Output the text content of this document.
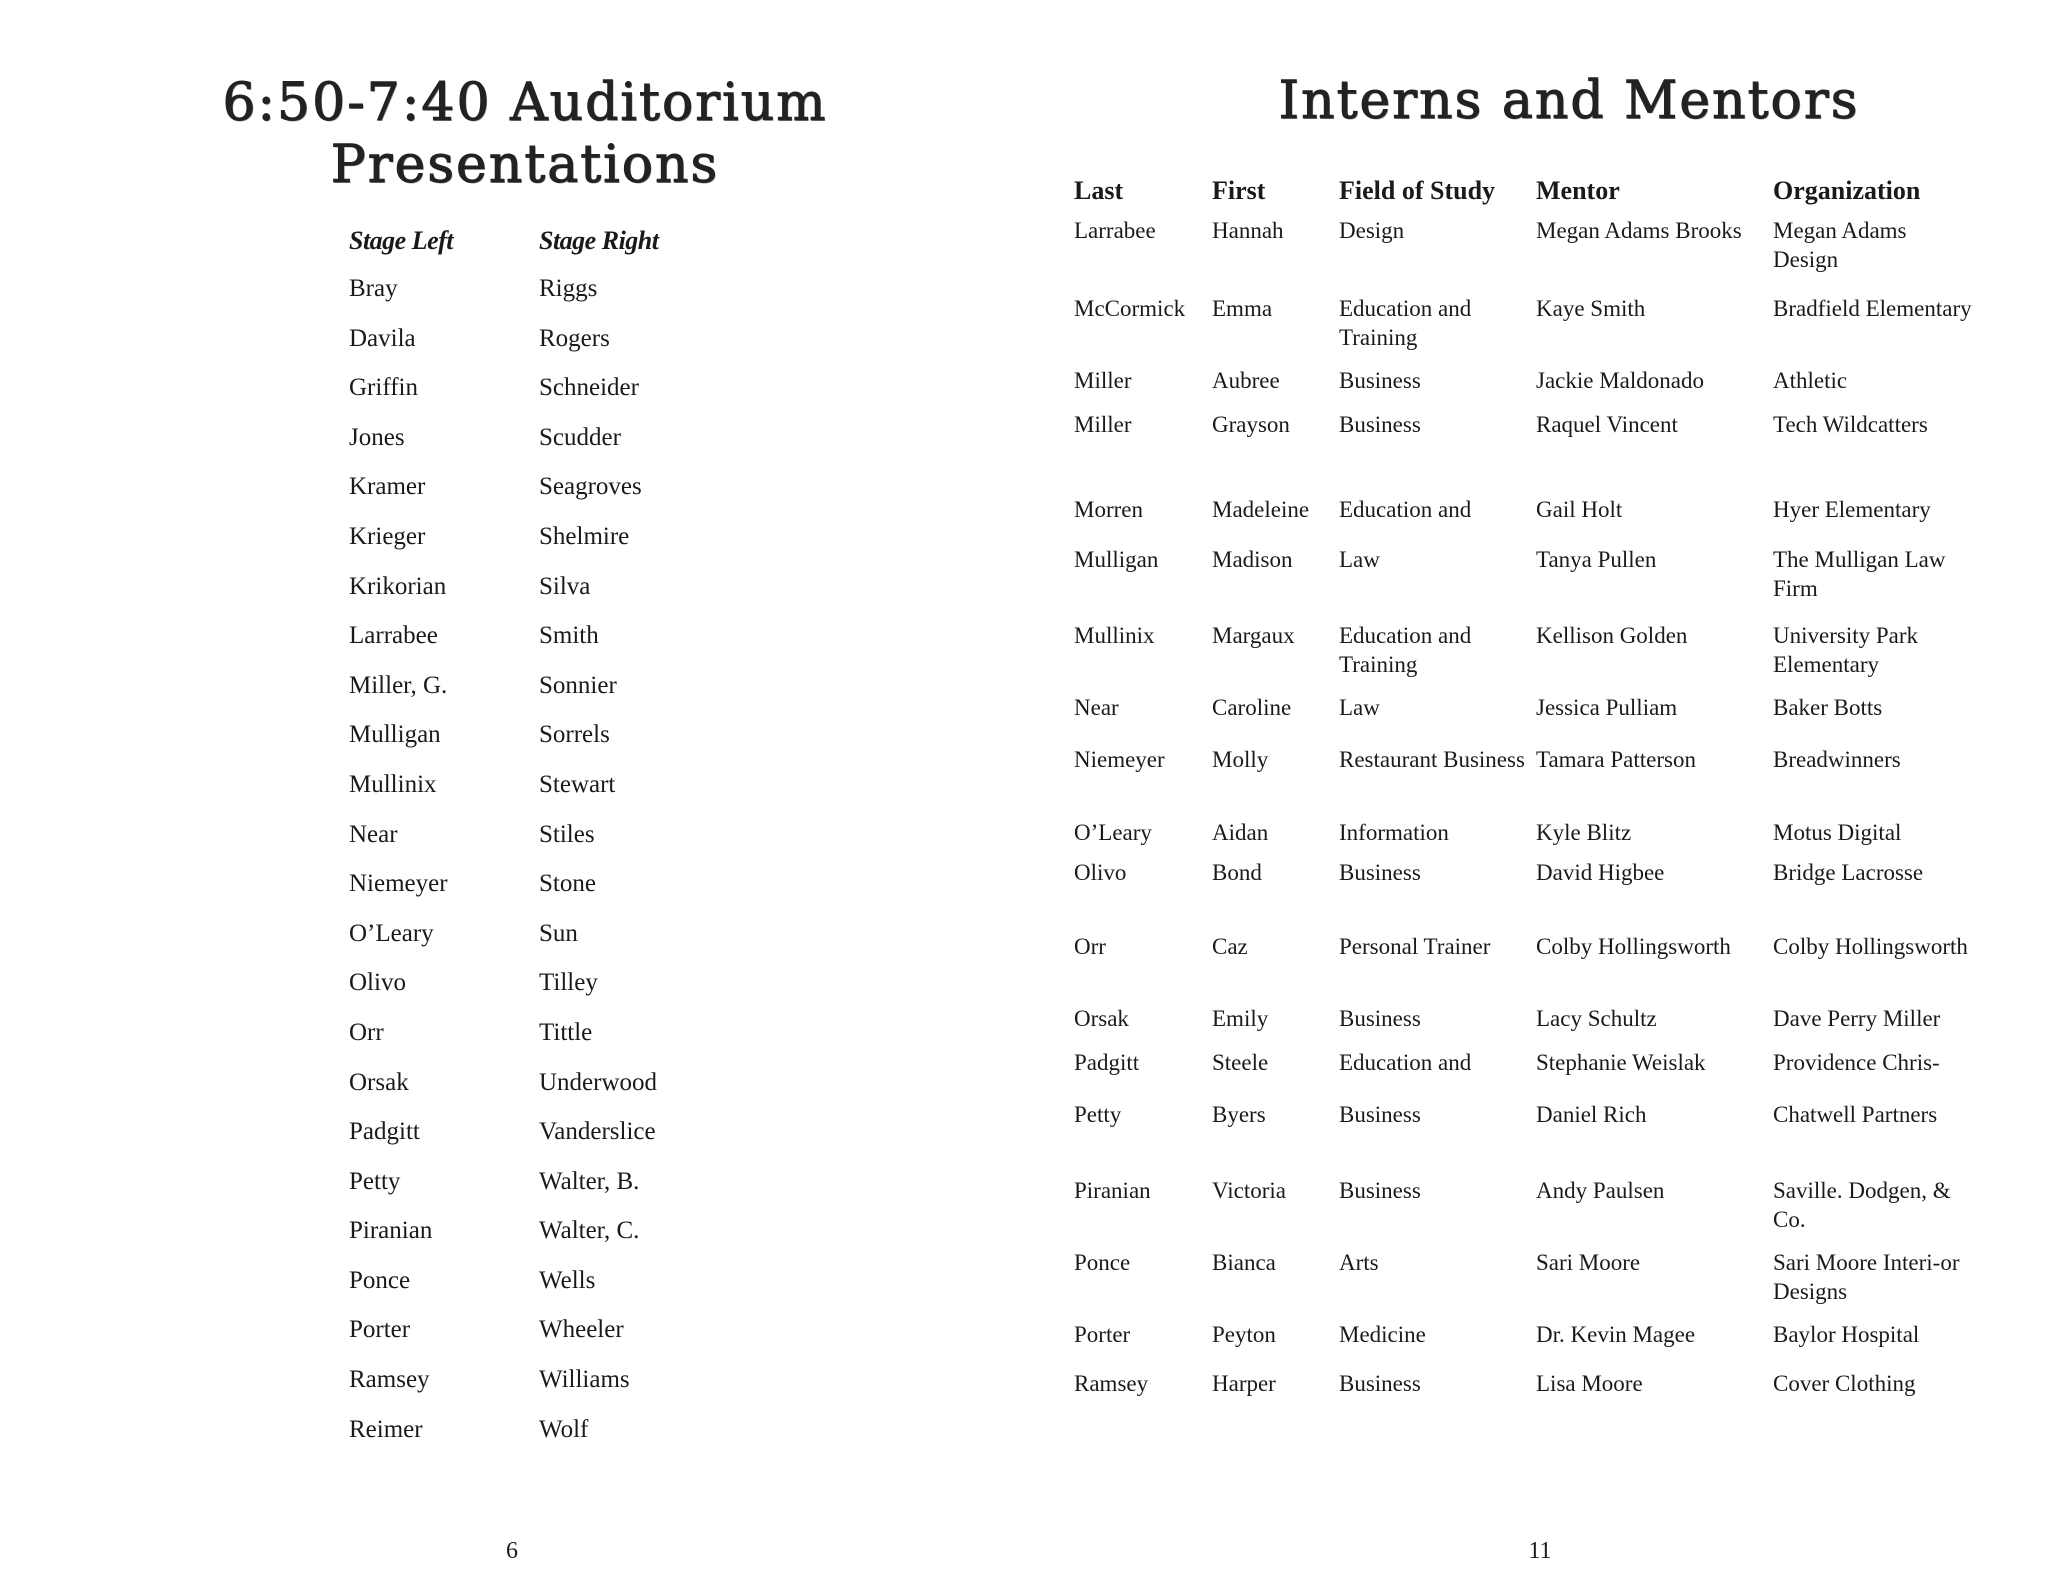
6:50-7:40 Auditorium
Presentations
Stage Left	Stage Right
Bray	Riggs
Davila	Rogers
Griffin	Schneider
Jones	Scudder
Kramer	Seagroves
Krieger	Shelmire
Krikorian	Silva
Larrabee	Smith
Miller, G.	Sonnier
Mulligan	Sorrels
Mullinix	Stewart
Near	Stiles
Niemeyer	Stone
O’Leary	Sun
Olivo	Tilley
Orr	Tittle
Orsak	Underwood
Padgitt	Vanderslice
Petty	Walter, B.
Piranian	Walter, C.
Ponce	Wells
Porter	Wheeler
Ramsey	Williams
Reimer	Wolf
6
Interns and Mentors
Last	First	Field of Study	Mentor	Organization
Larrabee	Hannah	Design	Megan Adams Brooks	Megan Adams Design
McCormick	Emma	Education and Training	Kaye Smith	Bradfield Elementary
Miller	Aubree	Business	Jackie Maldonado	Athletic
Miller	Grayson	Business	Raquel Vincent	Tech Wildcatters
Morren	Madeleine	Education and	Gail Holt	Hyer Elementary
Mulligan	Madison	Law	Tanya Pullen	The Mulligan Law Firm
Mullinix	Margaux	Education and Training	Kellison Golden	University Park Elementary
Near	Caroline	Law	Jessica Pulliam	Baker Botts
Niemeyer	Molly	Restaurant Business	Tamara Patterson	Breadwinners
O’Leary	Aidan	Information	Kyle Blitz	Motus Digital
Olivo	Bond	Business	David Higbee	Bridge Lacrosse
Orr	Caz	Personal Trainer	Colby Hollingsworth	Colby Hollingsworth
Orsak	Emily	Business	Lacy Schultz	Dave Perry Miller
Padgitt	Steele	Education and	Stephanie Weislak	Providence Chris-
Petty	Byers	Business	Daniel Rich	Chatwell Partners
Piranian	Victoria	Business	Andy Paulsen	Saville. Dodgen, & Co.
Ponce	Bianca	Arts	Sari Moore	Sari Moore Interi-or Designs
Porter	Peyton	Medicine	Dr. Kevin Magee	Baylor Hospital
Ramsey	Harper	Business	Lisa Moore	Cover Clothing
11
